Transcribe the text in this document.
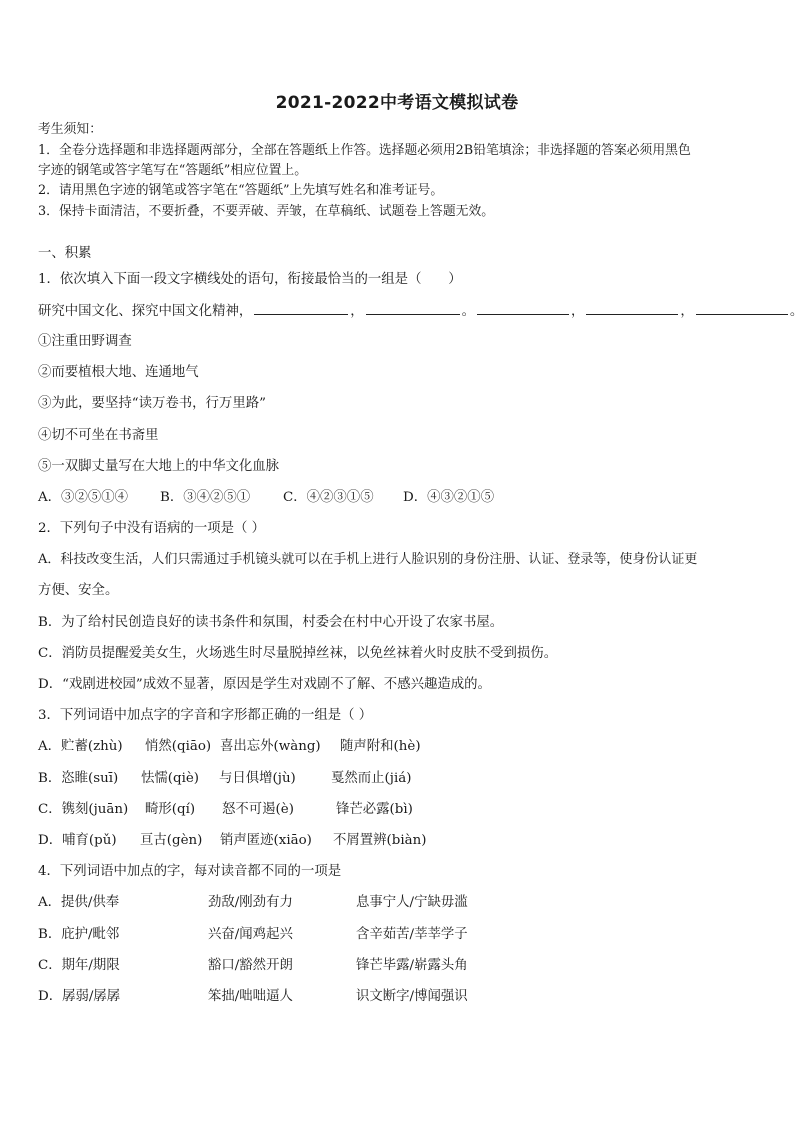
2021-2022中考语文模拟试卷
考生须知：
1．全卷分选择题和非选择题两部分，全部在答题纸上作答。选择题必须用2B铅笔填涂；非选择题的答案必须用黑色
字迹的钢笔或答字笔写在“答题纸”相应位置上。
2．请用黑色字迹的钢笔或答字笔在“答题纸”上先填写姓名和准考证号。
3．保持卡面清洁，不要折叠，不要弄破、弄皱，在草稿纸、试题卷上答题无效。
一、积累
1．依次填入下面一段文字横线处的语句，衔接最恰当的一组是（　　）
研究中国文化、探究中国文化精神，	，	。	，	，	。
①注重田野调查
②而要植根大地、连通地气
③为此，要坚持“读万卷书，行万里路”
④切不可坐在书斋里
⑤一双脚丈量写在大地上的中华文化血脉
A．③②⑤①④ B．③④②⑤① C．④②③①⑤ D．④③②①⑤
2．下列句子中没有语病的一项是（ ）
A．科技改变生活，人们只需通过手机镜头就可以在手机上进行人脸识别的身份注册、认证、登录等，使身份认证更
方便、安全。
B．为了给村民创造良好的读书条件和氛围，村委会在村中心开设了农家书屋。
C．消防员提醒爱美女生，火场逃生时尽量脱掉丝袜，以免丝袜着火时皮肤不受到损伤。
D．“戏剧进校园”成效不显著，原因是学生对戏剧不了解、不感兴趣造成的。
3．下列词语中加点字的字音和字形都正确的一组是（ ）
A．贮蓄(zhù) 悄然(qiāo) 喜出忘外(wàng) 随声附和(hè)
B．恣睢(suī) 怯懦(qiè) 与日俱增(jù)	戛然而止(jiá)
C．镌刻(juān) 畸形(qí) 怒不可遏(è)	锋芒必露(bì)
D．哺育(pǔ) 亘古(gèn) 销声匿迹(xiāo) 不屑置辨(biàn)
4．下列词语中加点的字，每对读音都不同的一项是
A．提供/供奉	劲敌/刚劲有力	息事宁人/宁缺毋滥
B．庇护/毗邻	兴奋/闻鸡起兴	含辛茹苦/莘莘学子
C．期年/期限	豁口/豁然开朗	锋芒毕露/崭露头角
D．孱弱/孱孱	笨拙/咄咄逼人	识文断字/博闻强识
